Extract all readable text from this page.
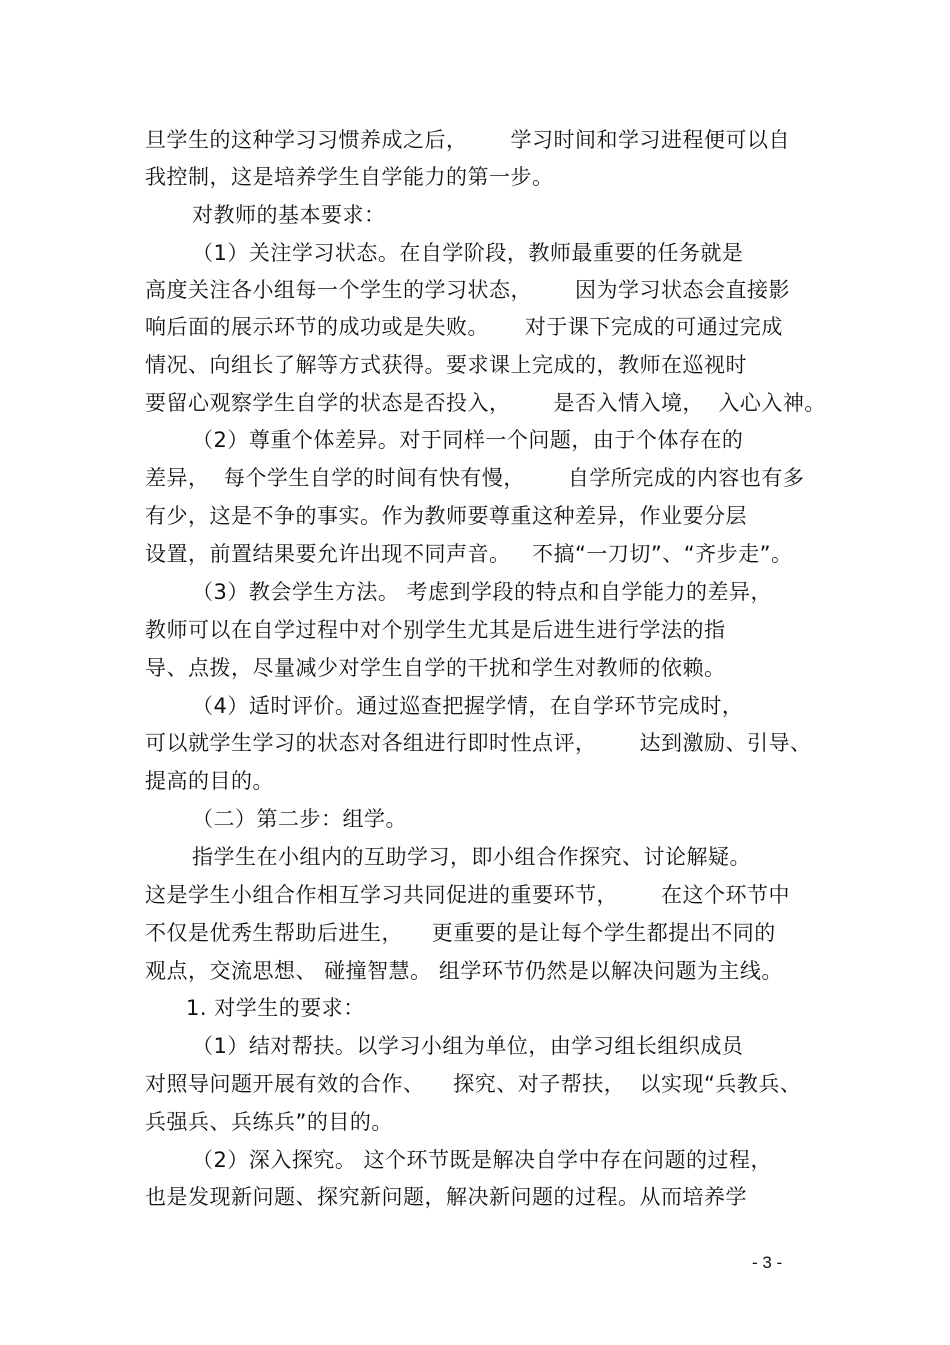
旦学生的这种学习习惯养成之后，      学习时间和学习进程便可以自
我控制，这是培养学生自学能力的第一步。
对教师的基本要求：
（1）关注学习状态。在自学阶段，教师最重要的任务就是
高度关注各小组每一个学生的学习状态，      因为学习状态会直接影
响后面的展示环节的成功或是失败。     对于课下完成的可通过完成
情况、向组长了解等方式获得。要求课上完成的，教师在巡视时
要留心观察学生自学的状态是否投入，      是否入情入境，  入心入神。
（2）尊重个体差异。对于同样一个问题，由于个体存在的
差异，  每个学生自学的时间有快有慢，      自学所完成的内容也有多
有少，这是不争的事实。作为教师要尊重这种差异，作业要分层
设置，前置结果要允许出现不同声音。   不搞“一刀切”、“齐步走”。
（3）教会学生方法。 考虑到学段的特点和自学能力的差异，
教师可以在自学过程中对个别学生尤其是后进生进行学法的指
导、点拨，尽量减少对学生自学的干扰和学生对教师的依赖。
（4）适时评价。通过巡查把握学情，在自学环节完成时，
可以就学生学习的状态对各组进行即时性点评，      达到激励、引导、
提高的目的。
（二）第二步：组学。
指学生在小组内的互助学习，即小组合作探究、讨论解疑。
这是学生小组合作相互学习共同促进的重要环节，      在这个环节中
不仅是优秀生帮助后进生，    更重要的是让每个学生都提出不同的
观点，交流思想、 碰撞智慧。 组学环节仍然是以解决问题为主线。
1. 对学生的要求：
（1）结对帮扶。以学习小组为单位，由学习组长组织成员
对照导问题开展有效的合作、    探究、对子帮扶，  以实现“兵教兵、
兵强兵、兵练兵”的目的。
（2）深入探究。 这个环节既是解决自学中存在问题的过程，
也是发现新问题、探究新问题，解决新问题的过程。从而培养学
- 3 -
